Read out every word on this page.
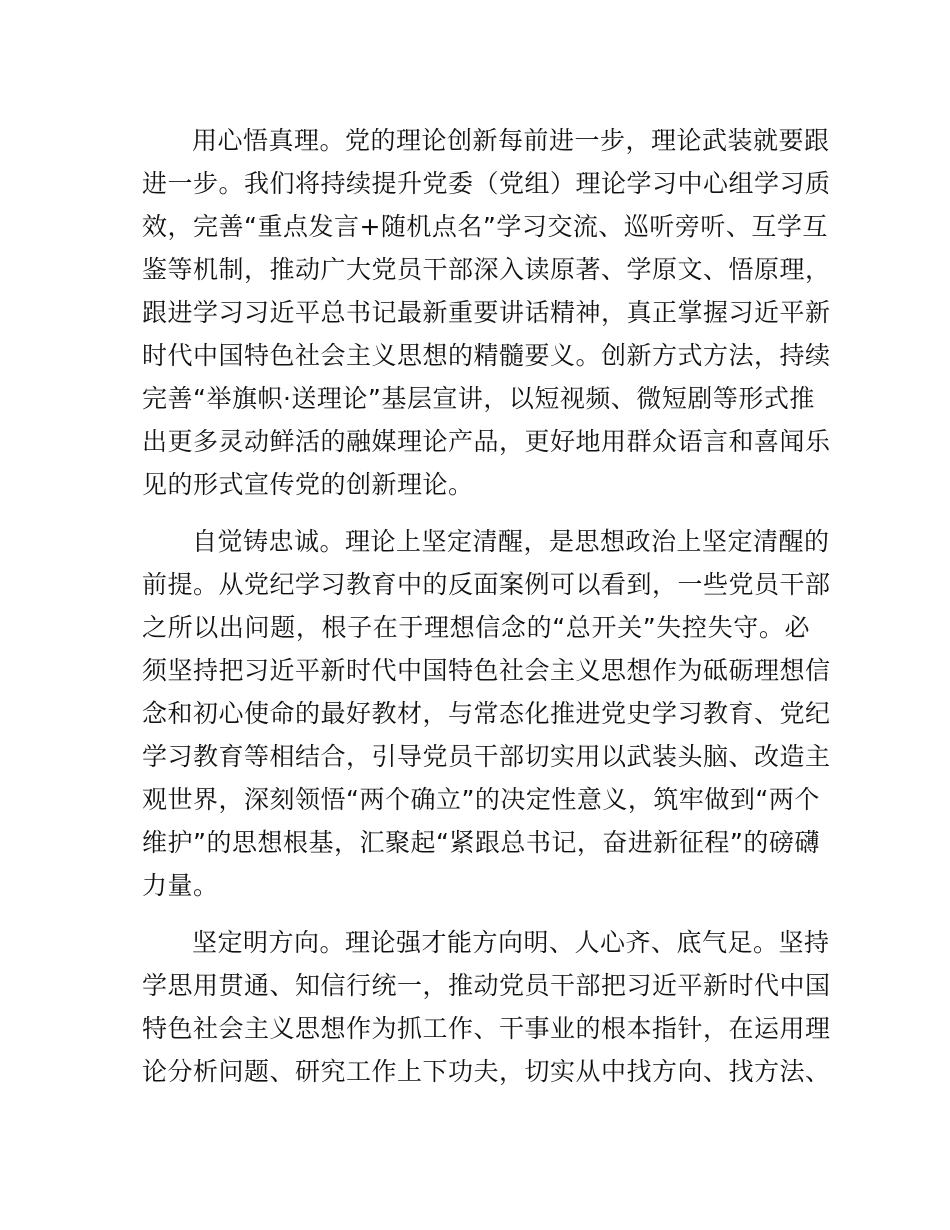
用心悟真理。党的理论创新每前进一步，理论武装就要跟
进一步。我们将持续提升党委（党组）理论学习中心组学习质
效，完善“重点发言+随机点名”学习交流、巡听旁听、互学互
鉴等机制，推动广大党员干部深入读原著、学原文、悟原理，
跟进学习习近平总书记最新重要讲话精神，真正掌握习近平新
时代中国特色社会主义思想的精髓要义。创新方式方法，持续
完善“举旗帜·送理论”基层宣讲，以短视频、微短剧等形式推
出更多灵动鲜活的融媒理论产品，更好地用群众语言和喜闻乐
见的形式宣传党的创新理论。
自觉铸忠诚。理论上坚定清醒，是思想政治上坚定清醒的
前提。从党纪学习教育中的反面案例可以看到，一些党员干部
之所以出问题，根子在于理想信念的“总开关”失控失守。必
须坚持把习近平新时代中国特色社会主义思想作为砥砺理想信
念和初心使命的最好教材，与常态化推进党史学习教育、党纪
学习教育等相结合，引导党员干部切实用以武装头脑、改造主
观世界，深刻领悟“两个确立”的决定性意义，筑牢做到“两个
维护”的思想根基，汇聚起“紧跟总书记，奋进新征程”的磅礴
力量。
坚定明方向。理论强才能方向明、人心齐、底气足。坚持
学思用贯通、知信行统一，推动党员干部把习近平新时代中国
特色社会主义思想作为抓工作、干事业的根本指针，在运用理
论分析问题、研究工作上下功夫，切实从中找方向、找方法、
